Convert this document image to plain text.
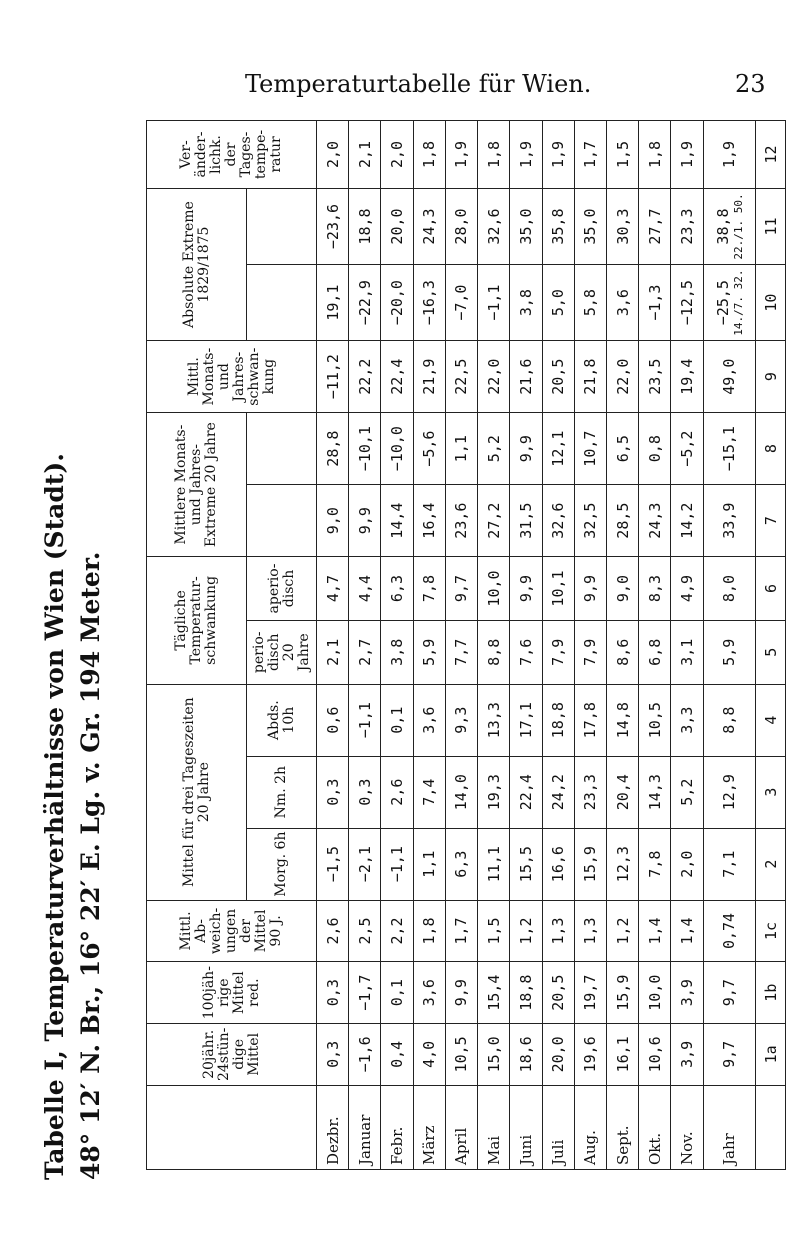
Temperaturtabelle für Wien.	23
Tabelle I, Temperaturverhältnisse von Wien (Stadt). 48° 12′ N. Br., 16° 22′ E. Lg. v. Gr. 194 Meter.
		20jähr. 24stün-dige Mittel	100jäh-rige Mittel red.	Mittl. Ab-weich-ungen der Mittel 90 J.	Mittel für drei Tageszeiten 20 Jahre			Tägliche Temperatur-schwankung		Mittlere Monats- und Jahres-Extreme 20 Jahre		Mittl. Monats- und Jahres-schwan-kung	Absolute Extreme 1829/1875		Ver-änder-lichk. der Tages-tempe-ratur
				Morg. 6h	Nm. 2h	Abds. 10h	perio-disch 20 Jahre	aperio-disch						
Dezbr.	0,3	0,3	2,6	−1,5	0,3	0,6	2,1	4,7	9,0	28,8	−11,2	19,1	−23,6	2,0
Januar	−1,6	−1,7	2,5	−2,1	0,3	−1,1	2,7	4,4	9,9	−10,1	22,2	−22,9	18,8	2,1
Febr.	0,4	0,1	2,2	−1,1	2,6	0,1	3,8	6,3	14,4	−10,0	22,4	−20,0	20,0	2,0
März	4,0	3,6	1,8	1,1	7,4	3,6	5,9	7,8	16,4	−5,6	21,9	−16,3	24,3	1,8
April	10,5	9,9	1,7	6,3	14,0	9,3	7,7	9,7	23,6	1,1	22,5	−7,0	28,0	1,9
Mai	15,0	15,4	1,5	11,1	19,3	13,3	8,8	10,0	27,2	5,2	22,0	−1,1	32,6	1,8
Juni	18,6	18,8	1,2	15,5	22,4	17,1	7,6	9,9	31,5	9,9	21,6	3,8	35,0	1,9
Juli	20,0	20,5	1,3	16,6	24,2	18,8	7,9	10,1	32,6	12,1	20,5	5,0	35,8	1,9
Aug.	19,6	19,7	1,3	15,9	23,3	17,8	7,9	9,9	32,5	10,7	21,8	5,8	35,0	1,7
Sept.	16,1	15,9	1,2	12,3	20,4	14,8	8,6	9,0	28,5	6,5	22,0	3,6	30,3	1,5
Okt.	10,6	10,0	1,4	7,8	14,3	10,5	6,8	8,3	24,3	0,8	23,5	−1,3	27,7	1,8
Nov.	3,9	3,9	1,4	2,0	5,2	3,3	3,1	4,9	14,2	−5,2	19,4	−12,5	23,3	1,9
Jahr	9,7	9,7	0,74	7,1	12,9	8,8	5,9	8,0	33,9	−15,1	49,0	−25,5 14./7. 32.	38,8 22./1. 50.	1,9
	1a	1b	1c	2	3	4	5	6	7	8	9	10	11	12
